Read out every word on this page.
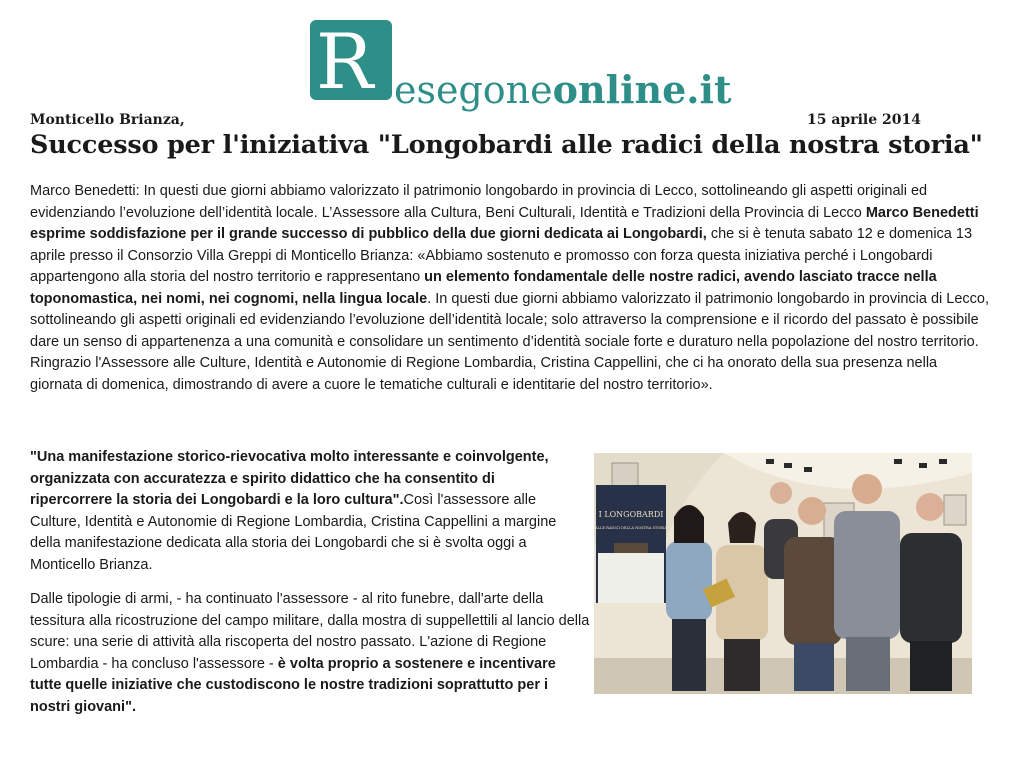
R esegoneonline.it
Monticello Brianza,	15 aprile 2014
Successo per l'iniziativa "Longobardi alle radici della nostra storia"
Marco Benedetti: In questi due giorni abbiamo valorizzato il patrimonio longobardo in provincia di Lecco, sottolineando gli aspetti originali ed evidenziando l’evoluzione dell’identità locale. L’Assessore alla Cultura, Beni Culturali, Identità e Tradizioni della Provincia di Lecco Marco Benedetti esprime soddisfazione per il grande successo di pubblico della due giorni dedicata ai Longobardi, che si è tenuta sabato 12 e domenica 13 aprile presso il Consorzio Villa Greppi di Monticello Brianza: «Abbiamo sostenuto e promosso con forza questa iniziativa perché i Longobardi appartengono alla storia del nostro territorio e rappresentano un elemento fondamentale delle nostre radici, avendo lasciato tracce nella toponomastica, nei nomi, nei cognomi, nella lingua locale. In questi due giorni abbiamo valorizzato il patrimonio longobardo in provincia di Lecco, sottolineando gli aspetti originali ed evidenziando l’evoluzione dell’identità locale; solo attraverso la comprensione e il ricordo del passato è possibile dare un senso di appartenenza a una comunità e consolidare un sentimento d’identità sociale forte e duraturo nella popolazione del nostro territorio. Ringrazio l'Assessore alle Culture, Identità e Autonomie di Regione Lombardia, Cristina Cappellini, che ci ha onorato della sua presenza nella giornata di domenica, dimostrando di avere a cuore le tematiche culturali e identitarie del nostro territorio».
"Una manifestazione storico-rievocativa molto interessante e coinvolgente, organizzata con accuratezza e spirito didattico che ha consentito di ripercorrere la storia dei Longobardi e la loro cultura".Così l'assessore alle Culture, Identità e Autonomie di Regione Lombardia, Cristina Cappellini a margine della manifestazione dedicata alla storia dei Longobardi che si è svolta oggi a Monticello Brianza.
Dalle tipologie di armi, - ha continuato l'assessore - al rito funebre, dall'arte della tessitura alla ricostruzione del campo militare, dalla mostra di suppellettili al lancio della scure: una serie di attività alla riscoperta del nostro passato. L'azione di Regione Lombardia - ha concluso l'assessore - è volta proprio a sostenere e incentivare tutte quelle iniziative che custodiscono le nostre tradizioni soprattutto per i nostri giovani".
I LONGOBARDI
ALLE RADICI DELLA NOSTRA STORIA
